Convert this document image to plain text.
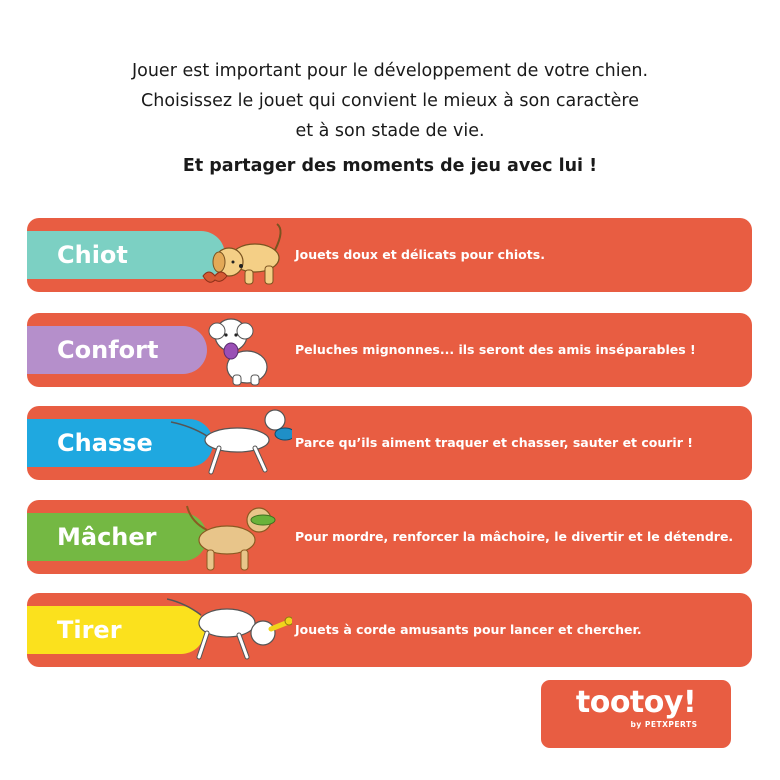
Jouer est important pour le développement de votre chien.

Choisissez le jouet qui convient le mieux à son caractère

et à son stade de vie.

Et partager des moments de jeu avec lui !
Chiot	Jouets doux et délicats pour chiots.
Confort	Peluches mignonnes... ils seront des amis inséparables !
Chasse	Parce qu’ils aiment traquer et chasser, sauter et courir !
Mâcher	Pour mordre, renforcer la mâchoire, le divertir et le détendre.
Tirer	Jouets à corde amusants pour lancer et chercher.
tootoy!
by PETXPERTS
